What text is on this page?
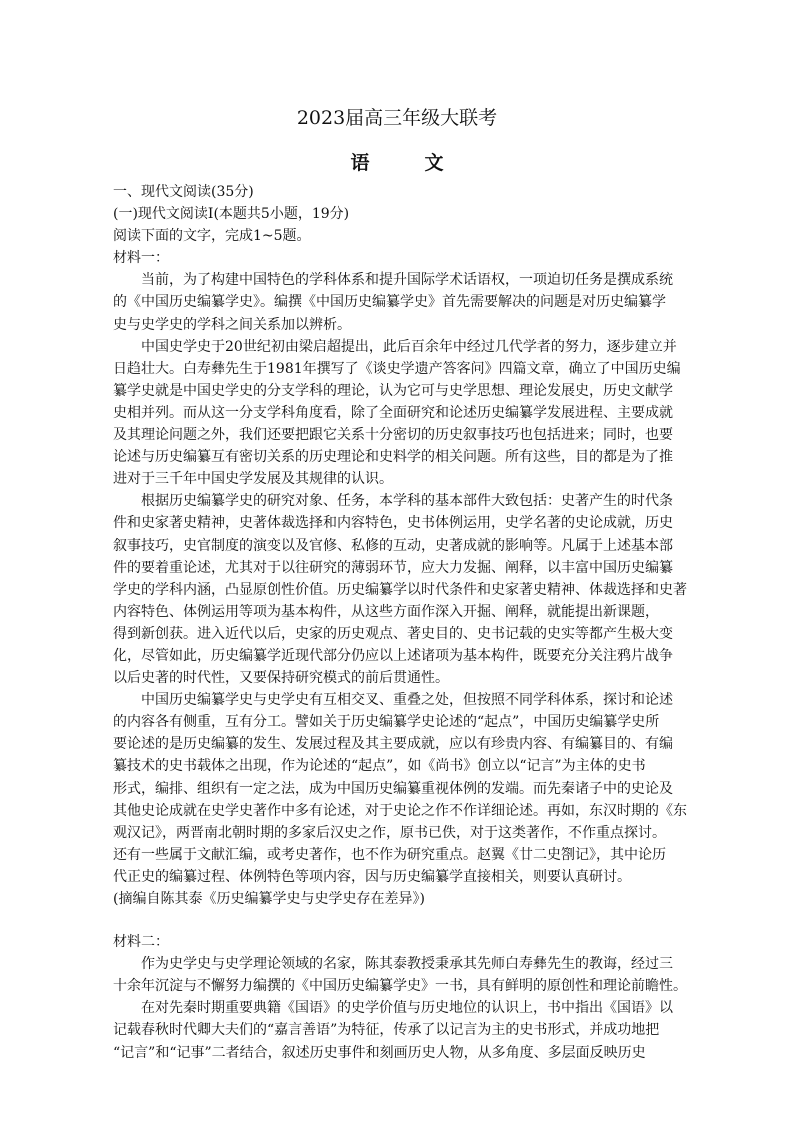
2023届高三年级大联考
语　文
一、现代文阅读(35分)
(一)现代文阅读Ⅰ(本题共5小题，19分)
阅读下面的文字，完成1~5题。
材料一：
　　当前，为了构建中国特色的学科体系和提升国际学术话语权，一项迫切任务是撰成系统
的《中国历史编纂学史》。编撰《中国历史编纂学史》首先需要解决的问题是对历史编纂学
史与史学史的学科之间关系加以辨析。
　　中国史学史于20世纪初由梁启超提出，此后百余年中经过几代学者的努力，逐步建立并
日趋壮大。白寿彝先生于1981年撰写了《谈史学遗产答客问》四篇文章，确立了中国历史编
纂学史就是中国史学史的分支学科的理论，认为它可与史学思想、理论发展史，历史文献学
史相并列。而从这一分支学科角度看，除了全面研究和论述历史编纂学发展进程、主要成就
及其理论问题之外，我们还要把跟它关系十分密切的历史叙事技巧也包括进来；同时，也要
论述与历史编纂互有密切关系的历史理论和史料学的相关问题。所有这些，目的都是为了推
进对于三千年中国史学发展及其规律的认识。
　　根据历史编纂学史的研究对象、任务，本学科的基本部件大致包括：史著产生的时代条
件和史家著史精神，史著体裁选择和内容特色，史书体例运用，史学名著的史论成就，历史
叙事技巧，史官制度的演变以及官修、私修的互动，史著成就的影响等。凡属于上述基本部
件的要着重论述，尤其对于以往研究的薄弱环节，应大力发掘、阐释，以丰富中国历史编纂
学史的学科内涵，凸显原创性价值。历史编纂学以时代条件和史家著史精神、体裁选择和史著
内容特色、体例运用等项为基本构件，从这些方面作深入开掘、阐释，就能提出新课题，
得到新创获。进入近代以后，史家的历史观点、著史目的、史书记载的史实等都产生极大变
化，尽管如此，历史编纂学近现代部分仍应以上述诸项为基本构件，既要充分关注鸦片战争
以后史著的时代性，又要保持研究模式的前后贯通性。
　　中国历史编纂学史与史学史有互相交叉、重叠之处，但按照不同学科体系，探讨和论述
的内容各有侧重，互有分工。譬如关于历史编纂学史论述的“起点”，中国历史编纂学史所
要论述的是历史编纂的发生、发展过程及其主要成就，应以有珍贵内容、有编纂目的、有编
纂技术的史书载体之出现，作为论述的“起点”，如《尚书》创立以“记言”为主体的史书
形式，编排、组织有一定之法，成为中国历史编纂重视体例的发端。而先秦诸子中的史论及
其他史论成就在史学史著作中多有论述，对于史论之作不作详细论述。再如，东汉时期的《东
观汉记》，两晋南北朝时期的多家后汉史之作，原书已佚，对于这类著作，不作重点探讨。
还有一些属于文献汇编，或考史著作，也不作为研究重点。赵翼《廿二史劄记》，其中论历
代正史的编纂过程、体例特色等项内容，因与历史编纂学直接相关，则要认真研讨。
(摘编自陈其泰《历史编纂学史与史学史存在差异》)
材料二：
　　作为史学史与史学理论领域的名家，陈其泰教授秉承其先师白寿彝先生的教诲，经过三
十余年沉淀与不懈努力编撰的《中国历史编纂学史》一书，具有鲜明的原创性和理论前瞻性。
　　在对先秦时期重要典籍《国语》的史学价值与历史地位的认识上，书中指出《国语》以
记载春秋时代卿大夫们的“嘉言善语”为特征，传承了以记言为主的史书形式，并成功地把
“记言”和“记事”二者结合，叙述历史事件和刻画历史人物，从多角度、多层面反映历史
